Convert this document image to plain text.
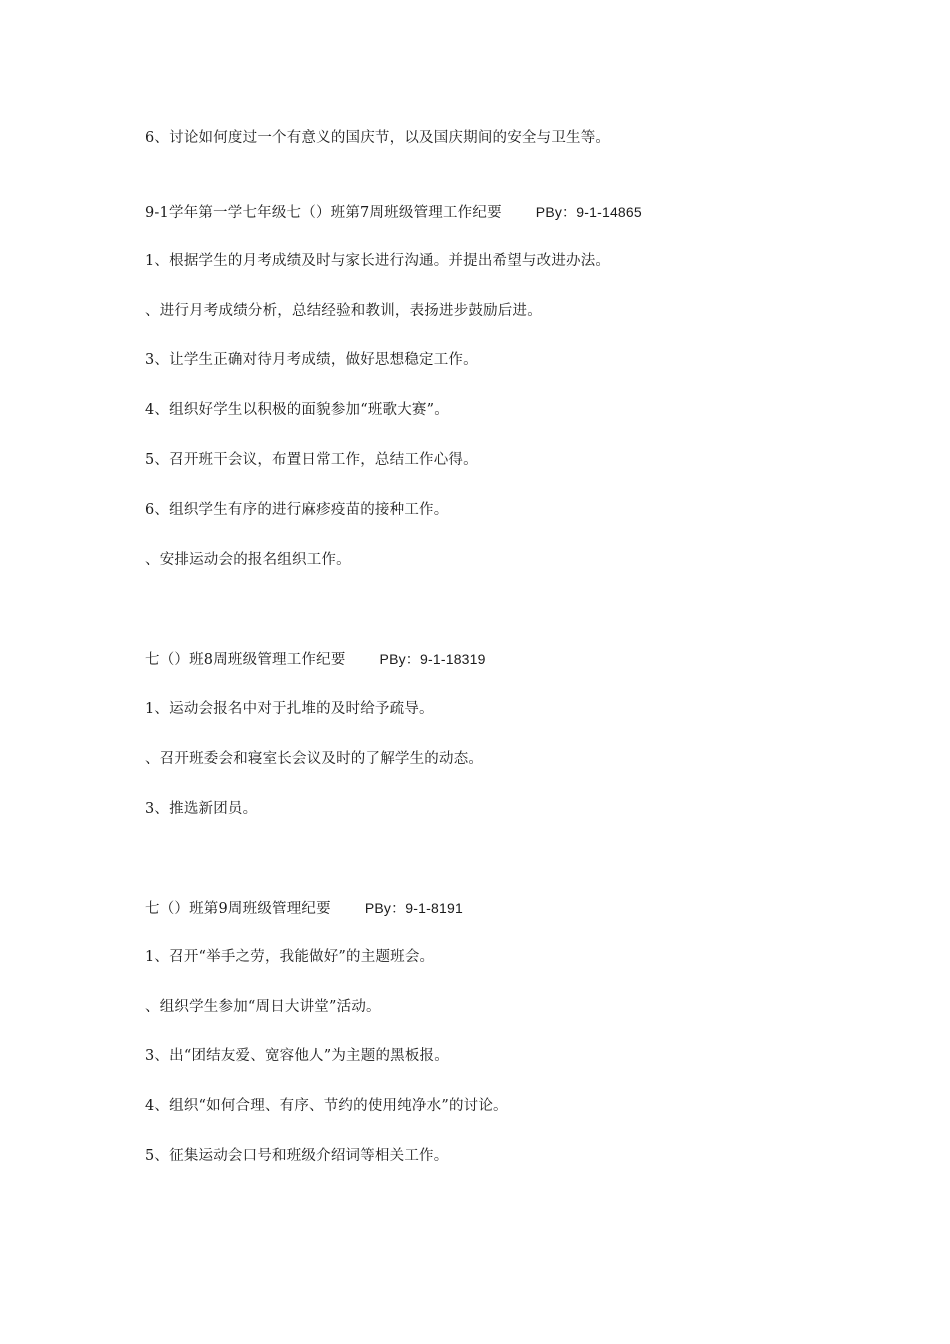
6、讨论如何度过一个有意义的国庆节，以及国庆期间的安全与卫生等。
9-1学年第一学七年级七（）班第7周班级管理工作纪要 PBy：9-1-14865
1、根据学生的月考成绩及时与家长进行沟通。并提出希望与改进办法。
、进行月考成绩分析，总结经验和教训，表扬进步鼓励后进。
3、让学生正确对待月考成绩，做好思想稳定工作。
4、组织好学生以积极的面貌参加“班歌大赛”。
5、召开班干会议，布置日常工作，总结工作心得。
6、组织学生有序的进行麻疹疫苗的接种工作。
、安排运动会的报名组织工作。
七（）班8周班级管理工作纪要 PBy：9-1-18319
1、运动会报名中对于扎堆的及时给予疏导。
、召开班委会和寝室长会议及时的了解学生的动态。
3、推选新团员。
七（）班第9周班级管理纪要 PBy：9-1-8191
1、召开“举手之劳，我能做好”的主题班会。
、组织学生参加“周日大讲堂”活动。
3、出“团结友爱、宽容他人”为主题的黑板报。
4、组织“如何合理、有序、节约的使用纯净水”的讨论。
5、征集运动会口号和班级介绍词等相关工作。
